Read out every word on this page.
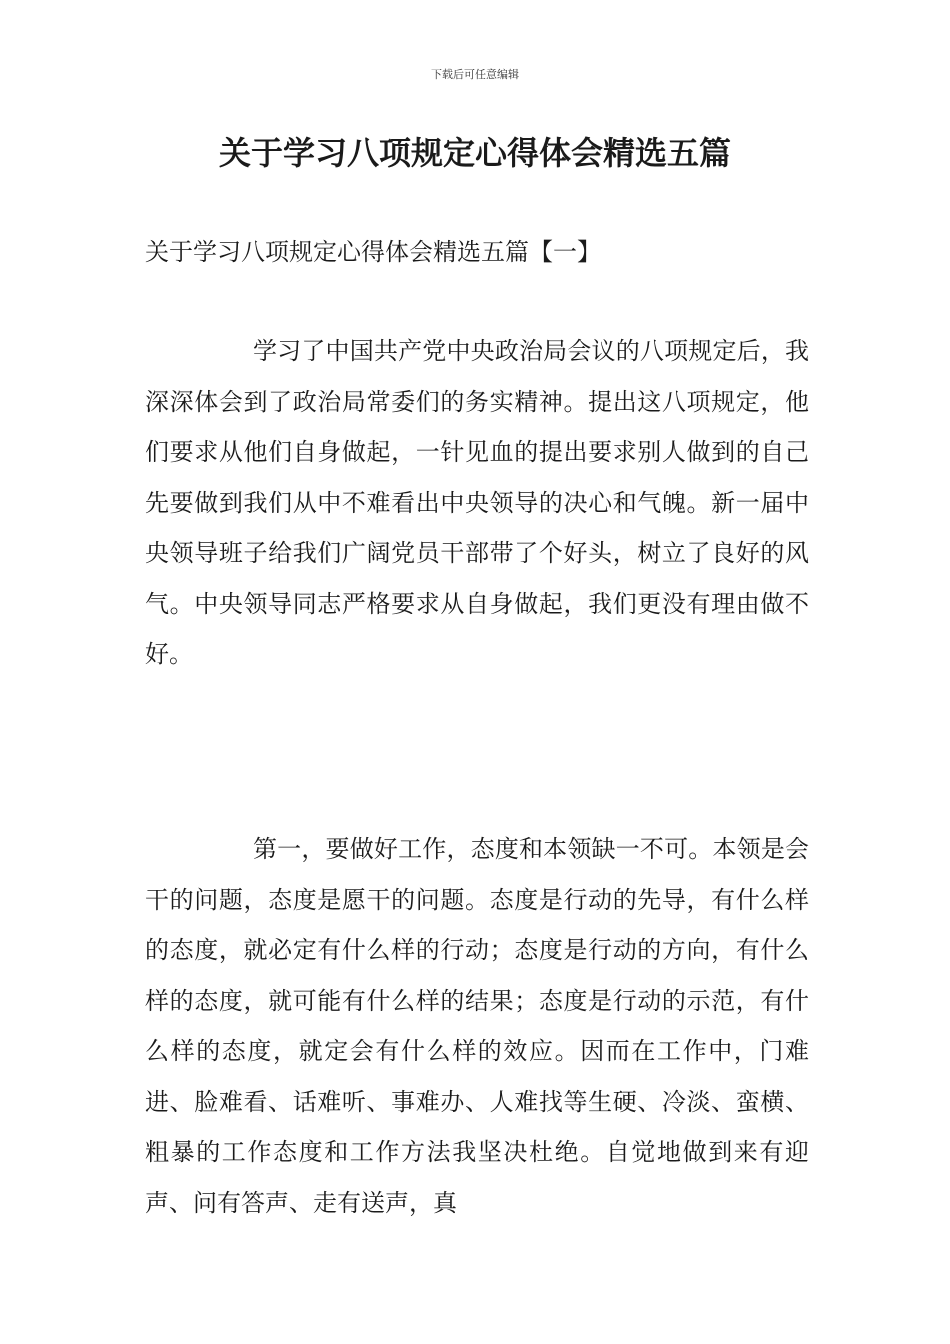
下载后可任意编辑
关于学习八项规定心得体会精选五篇
关于学习八项规定心得体会精选五篇【一】

学习了中国共产党中央政治局会议的八项规定后，我深深体会到了政治局常委们的务实精神。提出这八项规定，他们要求从他们自身做起，一针见血的提出要求别人做到的自己先要做到我们从中不难看出中央领导的决心和气魄。新一届中央领导班子给我们广阔党员干部带了个好头，树立了良好的风气。中央领导同志严格要求从自身做起，我们更没有理由做不好。

第一，要做好工作，态度和本领缺一不可。本领是会干的问题，态度是愿干的问题。态度是行动的先导，有什么样的态度，就必定有什么样的行动；态度是行动的方向，有什么样的态度，就可能有什么样的结果；态度是行动的示范，有什么样的态度，就定会有什么样的效应。因而在工作中，门难进、脸难看、话难听、事难办、人难找等生硬、冷淡、蛮横、粗暴的工作态度和工作方法我坚决杜绝。自觉地做到来有迎声、问有答声、走有送声，真
